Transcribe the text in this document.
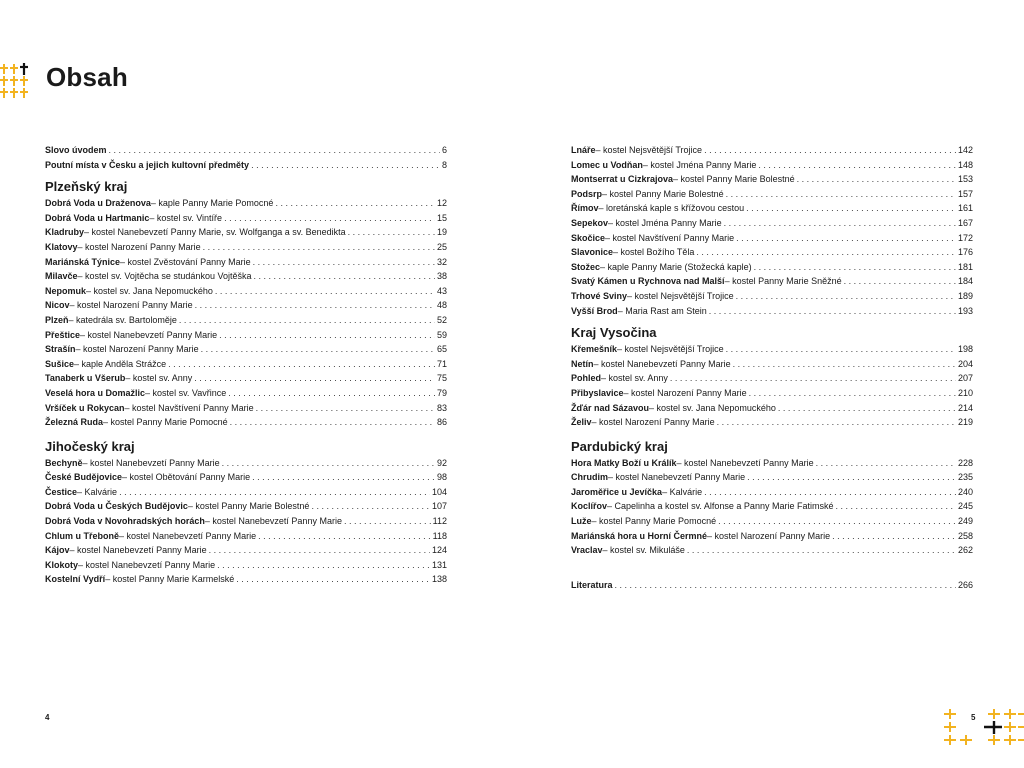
Obsah
Slovo úvodem . . .	6
Poutní místa v Česku a jejich kultovní předměty . . .	8
Plzeňský kraj
Dobrá Voda u Draženova – kaple Panny Marie Pomocné . . .	12
Dobrá Voda u Hartmanic – kostel sv. Vintíře . . .	15
Kladruby – kostel Nanebevzetí Panny Marie, sv. Wolfganga a sv. Benedikta . . .	19
Klatovy – kostel Narození Panny Marie . . .	25
Mariánská Týnice – kostel Zvěstování Panny Marie . . .	32
Milavče – kostel sv. Vojtěcha se studánkou Vojtěška . . .	38
Nepomuk – kostel sv. Jana Nepomuckého . . .	43
Nicov – kostel Narození Panny Marie . . .	48
Plzeň – katedrála sv. Bartoloměje . . .	52
Přeštice – kostel Nanebevzetí Panny Marie . . .	59
Strašín – kostel Narození Panny Marie . . .	65
Sušice – kaple Anděla Strážce . . .	71
Tanaberk u Všerub – kostel sv. Anny . . .	75
Veselá hora u Domažlic – kostel sv. Vavřince . . .	79
Vršíček u Rokycan – kostel Navštívení Panny Marie . . .	83
Železná Ruda – kostel Panny Marie Pomocné . . .	86
Jihočeský kraj
Bechyně – kostel Nanebevzetí Panny Marie . . .	92
České Budějovice – kostel Obětování Panny Marie . . .	98
Čestice – Kalvárie . . .	104
Dobrá Voda u Českých Budějovic – kostel Panny Marie Bolestné . . .	107
Dobrá Voda v Novohradských horách – kostel Nanebevzetí Panny Marie . . .	112
Chlum u Třeboně – kostel Nanebevzetí Panny Marie . . .	118
Kájov – kostel Nanebevzetí Panny Marie . . .	124
Klokoty – kostel Nanebevzetí Panny Marie . . .	131
Kostelní Vydří – kostel Panny Marie Karmelské . . .	138
Lnáře – kostel Nejsvětější Trojice . . .	142
Lomec u Vodňan – kostel Jména Panny Marie . . .	148
Montserrat u Cizkrajova – kostel Panny Marie Bolestné . . .	153
Podsrp – kostel Panny Marie Bolestné . . .	157
Římov – loretánská kaple s křížovou cestou . . .	161
Sepekov – kostel Jména Panny Marie . . .	167
Skočice – kostel Navštívení Panny Marie . . .	172
Slavonice – kostel Božího Těla . . .	176
Stožec – kaple Panny Marie (Stožecká kaple) . . .	181
Svatý Kámen u Rychnova nad Malší – kostel Panny Marie Sněžné . . .	184
Trhové Sviny – kostel Nejsvětější Trojice . . .	189
Vyšší Brod – Maria Rast am Stein . . .	193
Kraj Vysočina
Křemešník – kostel Nejsvětější Trojice . . .	198
Netín – kostel Nanebevzetí Panny Marie . . .	204
Pohled – kostel sv. Anny . . .	207
Přibyslavice – kostel Narození Panny Marie . . .	210
Žďár nad Sázavou – kostel sv. Jana Nepomuckého . . .	214
Želiv – kostel Narození Panny Marie . . .	219
Pardubický kraj
Hora Matky Boží u Králík – kostel Nanebevzetí Panny Marie . . .	228
Chrudim – kostel Nanebevzetí Panny Marie . . .	235
Jaroměřice u Jevíčka – Kalvárie . . .	240
Koclířov – Capelinha a kostel sv. Alfonse a Panny Marie Fatimské . . .	245
Luže – kostel Panny Marie Pomocné . . .	249
Mariánská hora u Horní Čermné – kostel Narození Panny Marie . . .	258
Vraclav – kostel sv. Mikuláše . . .	262
Literatura . . .	266
4	5
